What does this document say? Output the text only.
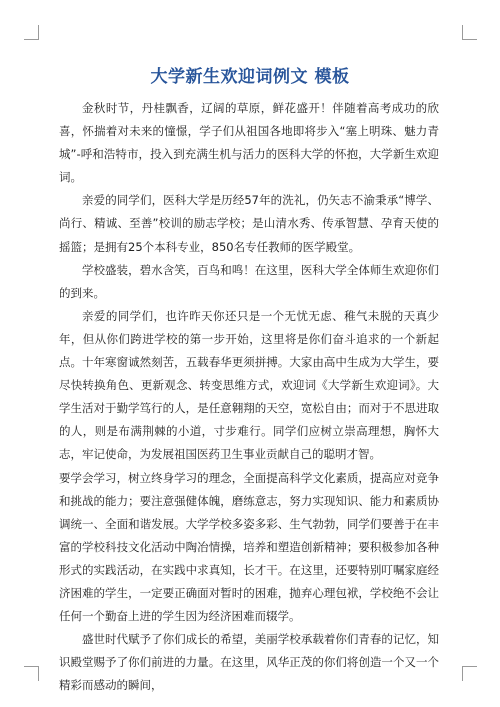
大学新生欢迎词例文 模板

金秋时节，丹桂飘香，辽阔的草原，鲜花盛开！伴随着高考成功的欣喜，怀揣着对未来的憧憬，学子们从祖国各地即将步入“塞上明珠、魅力青城”-呼和浩特市，投入到充满生机与活力的医科大学的怀抱，大学新生欢迎词。

亲爱的同学们，医科大学是历经57年的洗礼，仍矢志不渝秉承“博学、尚行、精诚、至善”校训的励志学校；是山清水秀、传承智慧、孕育天使的摇篮；是拥有25个本科专业，850名专任教师的医学殿堂。

学校盛装，碧水含笑，百鸟和鸣！在这里，医科大学全体师生欢迎你们的到来。

亲爱的同学们，也许昨天你还只是一个无忧无虑、稚气未脱的天真少年，但从你们跨进学校的第一步开始，这里将是你们奋斗追求的一个新起点。十年寒窗诚然刻苦，五载春华更须拼搏。大家由高中生成为大学生，要尽快转换角色、更新观念、转变思维方式，欢迎词《大学新生欢迎词》。大学生活对于勤学笃行的人，是任意翱翔的天空，宽松自由；而对于不思进取的人，则是布满荆棘的小道，寸步难行。同学们应树立崇高理想，胸怀大志，牢记使命，为发展祖国医药卫生事业贡献自己的聪明才智。

要学会学习，树立终身学习的理念，全面提高科学文化素质，提高应对竞争和挑战的能力；要注意强健体魄，磨练意志，努力实现知识、能力和素质协调统一、全面和谐发展。大学学校多姿多彩、生气勃勃，同学们要善于在丰富的学校科技文化活动中陶冶情操，培养和塑造创新精神；要积极参加各种形式的实践活动，在实践中求真知，长才干。在这里，还要特别叮嘱家庭经济困难的学生，一定要正确面对暂时的困难，抛弃心理包袱，学校绝不会让任何一个勤奋上进的学生因为经济困难而辍学。

盛世时代赋予了你们成长的希望，美丽学校承载着你们青春的记忆，知识殿堂赐予了你们前进的力量。在这里，风华正茂的你们将创造一个又一个精彩而感动的瞬间，
